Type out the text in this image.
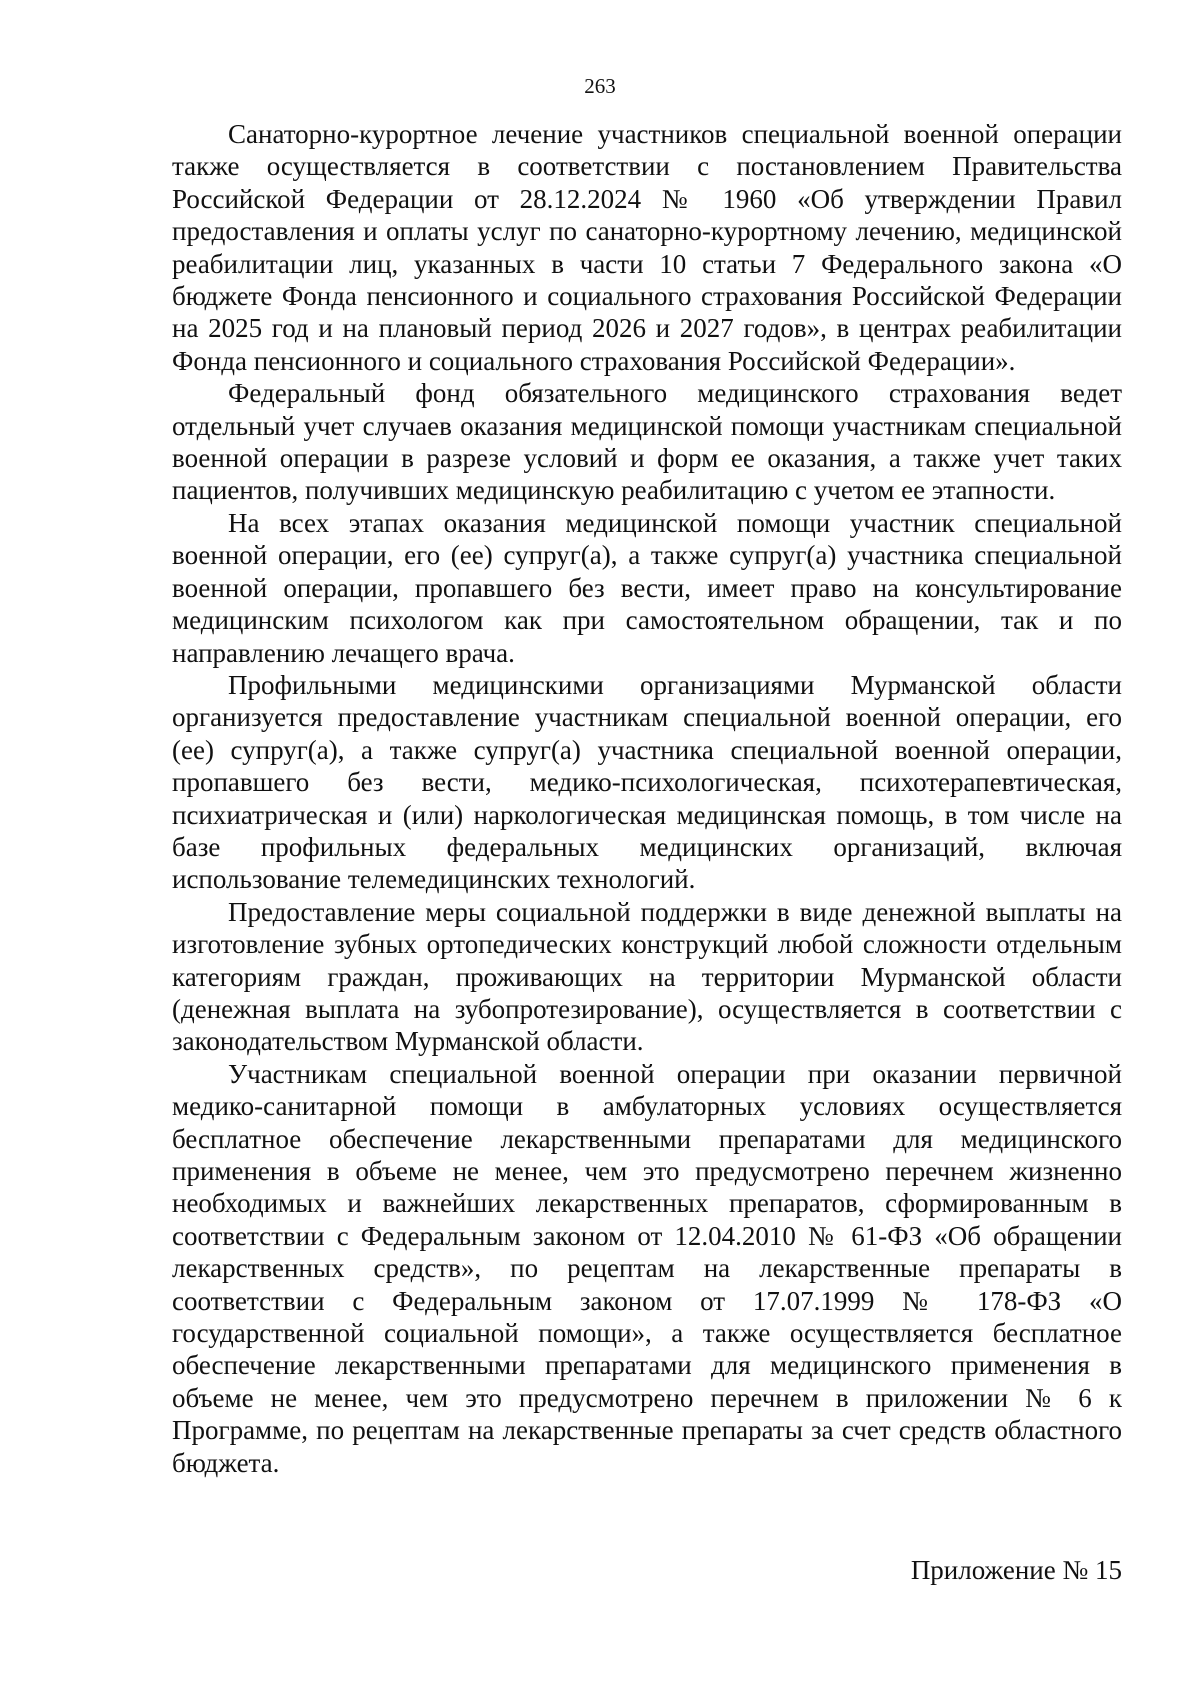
263

Санаторно-курортное лечение участников специальной военной операции также осуществляется в соответствии с постановлением Правительства Российской Федерации от 28.12.2024 № 1960 «Об утверждении Правил предоставления и оплаты услуг по санаторно-курортному лечению, медицинской реабилитации лиц, указанных в части 10 статьи 7 Федерального закона «О бюджете Фонда пенсионного и социального страхования Российской Федерации на 2025 год и на плановый период 2026 и 2027 годов», в центрах реабилитации Фонда пенсионного и социального страхования Российской Федерации».

Федеральный фонд обязательного медицинского страхования ведет отдельный учет случаев оказания медицинской помощи участникам специальной военной операции в разрезе условий и форм ее оказания, а также учет таких пациентов, получивших медицинскую реабилитацию с учетом ее этапности.

На всех этапах оказания медицинской помощи участник специальной военной операции, его (ее) супруг(а), а также супруг(а) участника специальной военной операции, пропавшего без вести, имеет право на консультирование медицинским психологом как при самостоятельном обращении, так и по направлению лечащего врача.

Профильными медицинскими организациями Мурманской области организуется предоставление участникам специальной военной операции, его (ее) супруг(а), а также супруг(а) участника специальной военной операции, пропавшего без вести, медико-психологическая, психотерапевтическая, психиатрическая и (или) наркологическая медицинская помощь, в том числе на базе профильных федеральных медицинских организаций, включая использование телемедицинских технологий.

Предоставление меры социальной поддержки в виде денежной выплаты на изготовление зубных ортопедических конструкций любой сложности отдельным категориям граждан, проживающих на территории Мурманской области (денежная выплата на зубопротезирование), осуществляется в соответствии с законодательством Мурманской области.

Участникам специальной военной операции при оказании первичной медико-санитарной помощи в амбулаторных условиях осуществляется бесплатное обеспечение лекарственными препаратами для медицинского применения в объеме не менее, чем это предусмотрено перечнем жизненно необходимых и важнейших лекарственных препаратов, сформированным в соответствии с Федеральным законом от 12.04.2010 № 61-ФЗ «Об обращении лекарственных средств», по рецептам на лекарственные препараты в соответствии с Федеральным законом от 17.07.1999 № 178-ФЗ «О государственной социальной помощи», а также осуществляется бесплатное обеспечение лекарственными препаратами для медицинского применения в объеме не менее, чем это предусмотрено перечнем в приложении № 6 к Программе, по рецептам на лекарственные препараты за счет средств областного бюджета.

Приложение № 15
